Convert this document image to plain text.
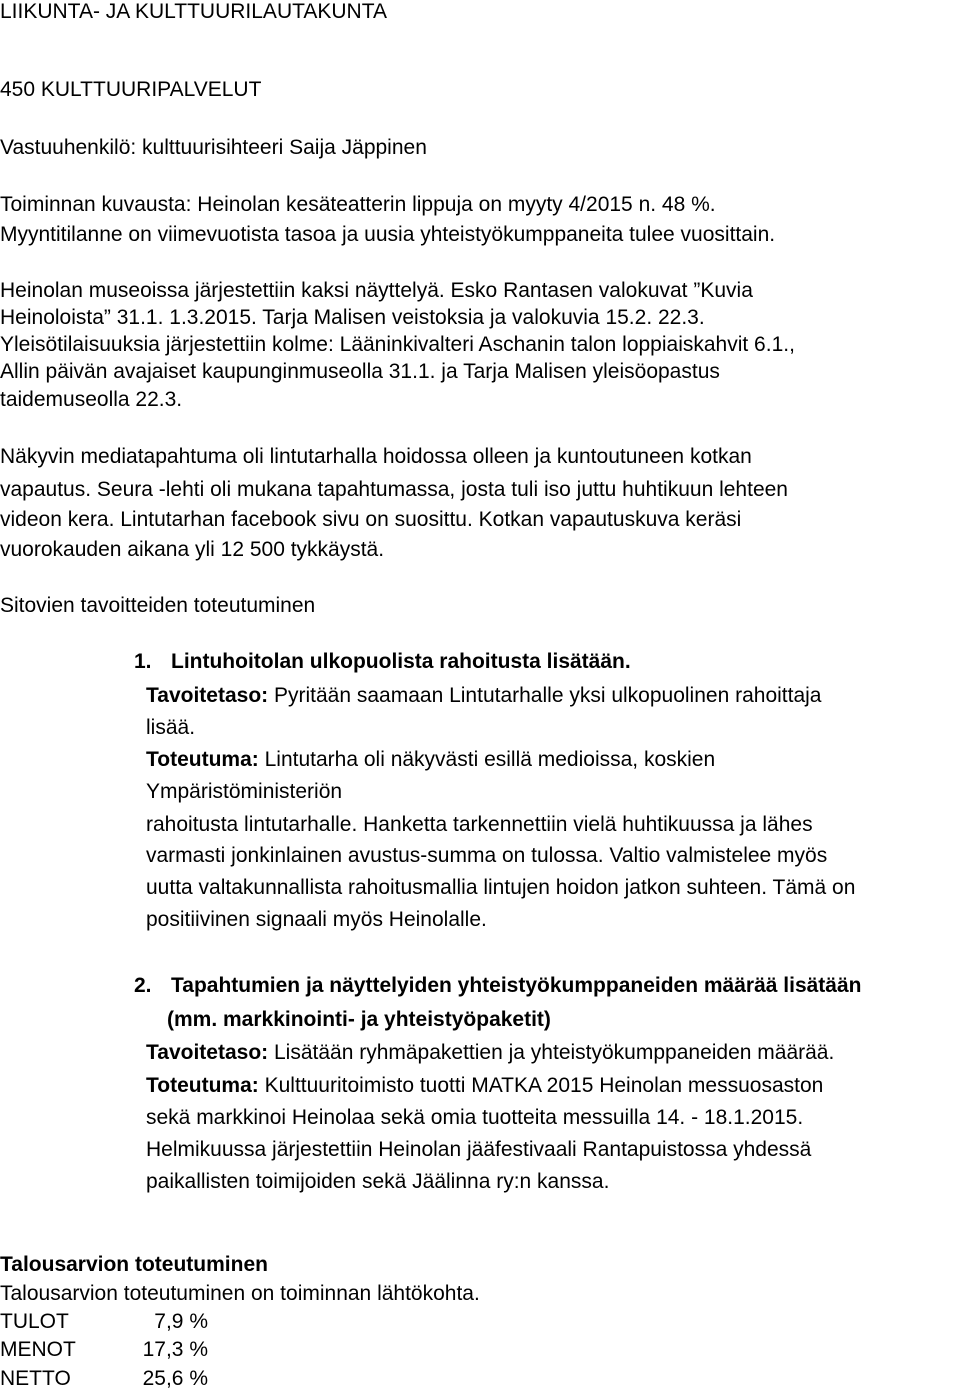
LIIKUNTA- JA KULTTUURILAUTAKUNTA
450 KULTTUURIPALVELUT
Vastuuhenkilö: kulttuurisihteeri Saija Jäppinen
Toiminnan kuvausta: Heinolan kesäteatterin lippuja on myyty 4/2015 n. 48 %.
Myyntitilanne on viimevuotista tasoa ja uusia yhteistyökumppaneita tulee vuosittain.
Heinolan museoissa järjestettiin kaksi näyttelyä. Esko Rantasen valokuvat ”Kuvia
Heinoloista” 31.1. 1.3.2015. Tarja Malisen veistoksia ja valokuvia 15.2. 22.3.
Yleisötilaisuuksia järjestettiin kolme: Lääninkivalteri Aschanin talon loppiaiskahvit 6.1.,
Allin päivän avajaiset kaupunginmuseolla 31.1. ja Tarja Malisen yleisöopastus
taidemuseolla 22.3.
Näkyvin mediatapahtuma oli lintutarhalla hoidossa olleen ja kuntoutuneen kotkan
vapautus. Seura -lehti oli mukana tapahtumassa, josta tuli iso juttu huhtikuun lehteen
videon kera. Lintutarhan facebook sivu on suosittu. Kotkan vapautuskuva keräsi
vuorokauden aikana yli 12 500 tykkäystä.
Sitovien tavoitteiden toteutuminen
1. Lintuhoitolan ulkopuolista rahoitusta lisätään.
Tavoitetaso: Pyritään saamaan Lintutarhalle yksi ulkopuolinen rahoittaja
lisää.
Toteutuma: Lintutarha oli näkyvästi esillä medioissa, koskien
Ympäristöministeriön
rahoitusta lintutarhalle. Hanketta tarkennettiin vielä huhtikuussa ja lähes
varmasti jonkinlainen avustus-summa on tulossa. Valtio valmistelee myös
uutta valtakunnallista rahoitusmallia lintujen hoidon jatkon suhteen. Tämä on
positiivinen signaali myös Heinolalle.
2. Tapahtumien ja näyttelyiden yhteistyökumppaneiden määrää lisätään
(mm. markkinointi- ja yhteistyöpaketit)
Tavoitetaso: Lisätään ryhmäpakettien ja yhteistyökumppaneiden määrää.
Toteutuma: Kulttuuritoimisto tuotti MATKA 2015 Heinolan messuosaston
sekä markkinoi Heinolaa sekä omia tuotteita messuilla 14. - 18.1.2015.
Helmikuussa järjestettiin Heinolan jääfestivaali Rantapuistossa yhdessä
paikallisten toimijoiden sekä Jäälinna ry:n kanssa.
Talousarvion toteutuminen
Talousarvion toteutuminen on toiminnan lähtökohta.
TULOT	7,9 %
MENOT	17,3 %
NETTO	25,6 %
